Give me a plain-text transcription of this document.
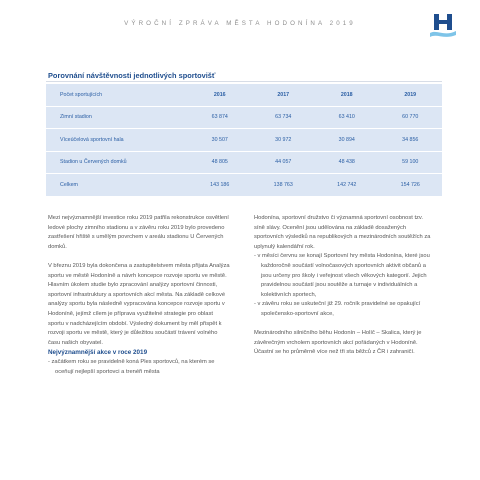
VÝROČNÍ ZPRÁVA MĚSTA HODONÍNA 2019
Porovnání návštěvnosti jednotlivých sportovišť
Počet sportujících	2016	2017	2018	2019
Zimní stadion	63 874	63 734	63 410	60 770
Víceúčelová sportovní hala	30 507	30 972	30 894	34 856
Stadion u Červených domků	48 805	44 057	48 438	59 100
Celkem	143 186	138 763	142 742	154 726

Mezi nejvýznamnější investice roku 2019 patřila rekonstrukce osvětlení ledové plochy zimního stadionu a v závěru roku 2019 bylo provedeno zastřešení hřiště s umělým povrchem v areálu stadionu U Červených domků.

V březnu 2019 byla dokončena a zastupitelstvem města přijata Analýza sportu ve městě Hodoníně a návrh koncepce rozvoje sportu ve městě. Hlavním úkolem studie bylo zpracování analýzy sportovní činnosti, sportovní infrastruktury a sportovních akcí města. Na základě celkové analýzy sportu byla následně vypracována koncepce rozvoje sportu v Hodoníně, jejímž cílem je příprava využitelné strategie pro oblast sportu v nadcházejícím období. Výsledný dokument by měl přispět k rozvoji sportu ve městě, který je důležitou součástí trávení volného času našich obyvatel.

Nejvýznamnější akce v roce 2019

- začátkem roku se pravidelně koná Ples sportovců, na kterém se oceňují nejlepší sportovci a trenéři města

Hodonína, sportovní družstvo či významná sportovní osobnost tzv. síně slávy. Ocenění jsou udělována na základě dosažených sportovních výsledků na republikových a mezinárodních soutěžích za uplynulý kalendářní rok.

- v měsíci červnu se konají Sportovní hry města Hodonína, které jsou každoročně součástí volnočasových sportovních aktivit občanů a jsou určeny pro školy i veřejnost všech věkových kategorií. Jejich pravidelnou součástí jsou soutěže a turnaje v individuálních a kolektivních sportech,

- v závěru roku se uskuteční již 29. ročník pravidelné se opakující společensko-sportovní akce,

Mezinárodního silničního běhu Hodonín – Holíč – Skalica, který je závěrečným vrcholem sportovních akcí pořádaných v Hodoníně. Účastní se ho průměrně více než tři sta běžců z ČR i zahraničí.
